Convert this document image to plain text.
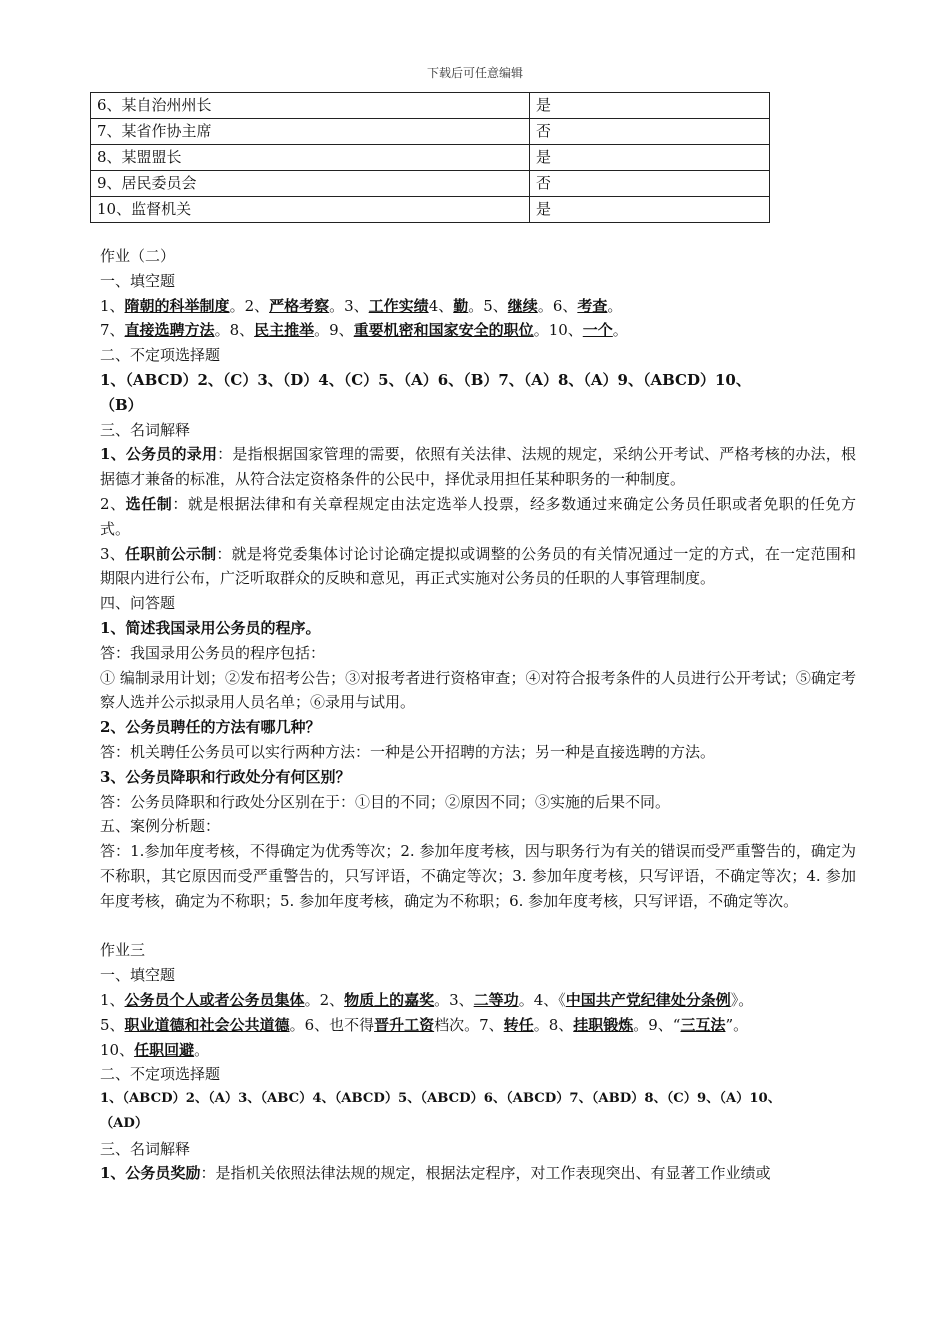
下载后可任意编辑
6、某自治州州长	是
7、某省作协主席	否
8、某盟盟长	是
9、居民委员会	否
10、监督机关	是
作业（二）
一、填空题
1、隋朝的科举制度。2、严格考察。3、工作实绩4、勤。5、继续。6、考查。
7、直接选聘方法。8、民主推举。9、重要机密和国家安全的职位。10、一个。
二、不定项选择题
1、（ABCD）2、（C）3、（D）4、（C）5、（A）6、（B）7、（A）8、（A）9、（ABCD）10、
（B）
三、名词解释
1、公务员的录用：是指根据国家管理的需要，依照有关法律、法规的规定，采纳公开考试、严格考核的办法，根据德才兼备的标准，从符合法定资格条件的公民中，择优录用担任某种职务的一种制度。
2、选任制：就是根据法律和有关章程规定由法定选举人投票，经多数通过来确定公务员任职或者免职的任免方式。
3、任职前公示制：就是将党委集体讨论讨论确定提拟或调整的公务员的有关情况通过一定的方式，在一定范围和期限内进行公布，广泛听取群众的反映和意见，再正式实施对公务员的任职的人事管理制度。
四、问答题
1、简述我国录用公务员的程序。
答：我国录用公务员的程序包括：
① 编制录用计划；②发布招考公告；③对报考者进行资格审查；④对符合报考条件的人员进行公开考试；⑤确定考察人选并公示拟录用人员名单；⑥录用与试用。
2、公务员聘任的方法有哪几种？
答：机关聘任公务员可以实行两种方法：一种是公开招聘的方法；另一种是直接选聘的方法。
3、公务员降职和行政处分有何区别？
答：公务员降职和行政处分区别在于：①目的不同；②原因不同；③实施的后果不同。
五、案例分析题：
答：1.参加年度考核，不得确定为优秀等次；2. 参加年度考核，因与职务行为有关的错误而受严重警告的，确定为不称职，其它原因而受严重警告的，只写评语，不确定等次；3. 参加年度考核，只写评语，不确定等次；4. 参加年度考核，确定为不称职；5. 参加年度考核，确定为不称职；6. 参加年度考核，只写评语，不确定等次。
作业三
一、填空题
1、公务员个人或者公务员集体。2、物质上的嘉奖。3、二等功。4、《中国共产党纪律处分条例》。
5、职业道德和社会公共道德。6、也不得晋升工资档次。7、转任。8、挂职锻炼。9、“三互法”。
10、任职回避。
二、不定项选择题
1、（ABCD）2、（A）3、（ABC）4、（ABCD）5、（ABCD）6、（ABCD）7、（ABD）8、（C）9、（A）10、
（AD）
三、名词解释
1、公务员奖励：是指机关依照法律法规的规定，根据法定程序，对工作表现突出、有显著工作业绩或
